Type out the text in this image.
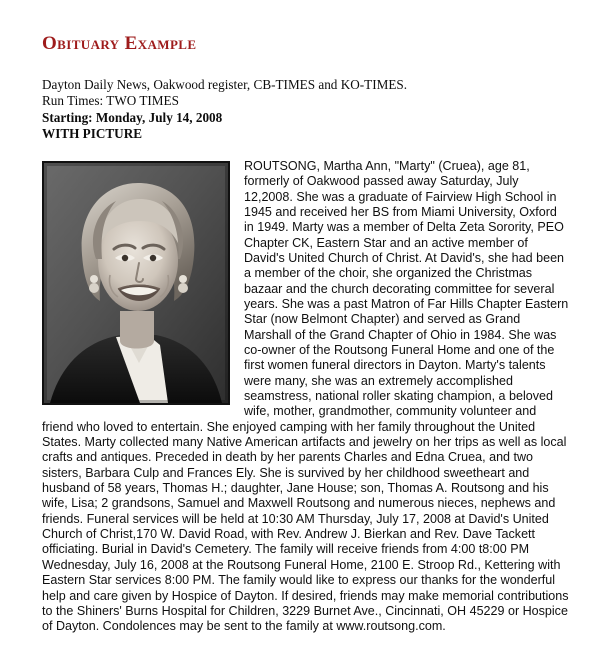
Obituary Example
Dayton Daily News, Oakwood register, CB-TIMES and KO-TIMES.
Run Times: TWO TIMES
Starting: Monday, July 14, 2008
WITH PICTURE

ROUTSONG, Martha Ann, "Marty" (Cruea), age 81, formerly of Oakwood passed away Saturday, July 12,2008. She was a graduate of Fairview High School in 1945 and received her BS from Miami University, Oxford in 1949. Marty was a member of Delta Zeta Sorority, PEO Chapter CK, Eastern Star and an active member of David's United Church of Christ. At David's, she had been a member of the choir, she organized the Christmas bazaar and the church decorating committee for several years. She was a past Matron of Far Hills Chapter Eastern Star (now Belmont Chapter) and served as Grand Marshall of the Grand Chapter of Ohio in 1984. She was co-owner of the Routsong Funeral Home and one of the first women funeral directors in Dayton. Marty's talents were many, she was an extremely accomplished seamstress, national roller skating champion, a beloved wife, mother, grandmother, community volunteer and friend who loved to entertain. She enjoyed camping with her family throughout the United States. Marty collected many Native American artifacts and jewelry on her trips as well as local crafts and antiques. Preceded in death by her parents Charles and Edna Cruea, and two sisters, Barbara Culp and Frances Ely. She is survived by her childhood sweetheart and husband of 58 years, Thomas H.; daughter, Jane House; son, Thomas A. Routsong and his wife, Lisa; 2 grandsons, Samuel and Maxwell Routsong and numerous nieces, nephews and friends. Funeral services will be held at 10:30 AM Thursday, July 17, 2008 at David's United Church of Christ,170 W. David Road, with Rev. Andrew J. Bierkan and Rev. Dave Tackett officiating. Burial in David's Cemetery. The family will receive friends from 4:00 t8:00 PM Wednesday, July 16, 2008 at the Routsong Funeral Home, 2100 E. Stroop Rd., Kettering with Eastern Star services 8:00 PM. The family would like to express our thanks for the wonderful help and care given by Hospice of Dayton. If desired, friends may make memorial contributions to the Shiners' Burns Hospital for Children, 3229 Burnet Ave., Cincinnati, OH 45229 or Hospice of Dayton. Condolences may be sent to the family at www.routsong.com.
